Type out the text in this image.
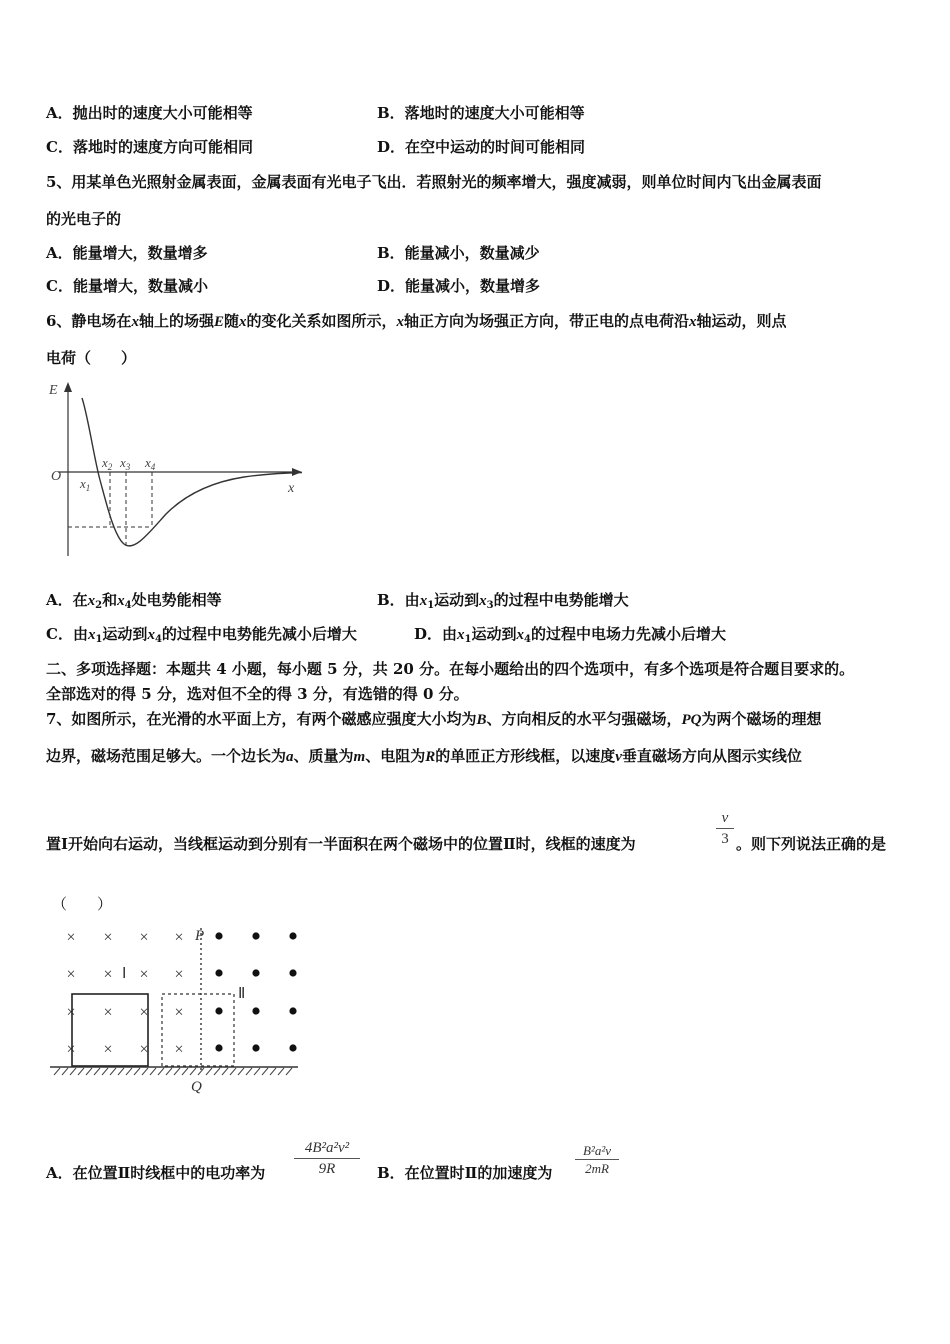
A．抛出时的速度大小可能相等	B．落地时的速度大小可能相等
C．落地时的速度方向可能相同	D．在空中运动的时间可能相同
5、用某单色光照射金属表面，金属表面有光电子飞出．若照射光的频率增大，强度减弱，则单位时间内飞出金属表面
的光电子的
A．能量增大，数量增多	B．能量减小，数量减少
C．能量增大，数量减小	D．能量减小，数量增多
6、静电场在x轴上的场强E随x的变化关系如图所示，x轴正方向为场强正方向，带正电的点电荷沿x轴运动，则点
电荷（　　）
E
O
x
$x_2$ $x_3$ $x_4$
$x_1$
A．在$x_2$和$x_4$处电势能相等	B．由$x_1$运动到$x_3$的过程中电势能增大
C．由$x_1$运动到$x_4$的过程中电势能先减小后增大	D．由$x_1$运动到$x_4$的过程中电场力先减小后增大
二、多项选择题：本题共 4 小题，每小题 5 分，共 20 分。在每小题给出的四个选项中，有多个选项是符合题目要求的。
全部选对的得 5 分，选对但不全的得 3 分，有选错的得 0 分。
7、如图所示，在光滑的水平面上方，有两个磁感应强度大小均为B、方向相反的水平匀强磁场，PQ为两个磁场的理想
边界，磁场范围足够大。一个边长为a、质量为m、电阻为R的单匝正方形线框，以速度v垂直磁场方向从图示实线位
置Ⅰ开始向右运动，当线框运动到分别有一半面积在两个磁场中的位置Ⅱ时，线框的速度为
v
3 。则下列说法正确的是
（　　）
× × × ×
× × × ×
× × × ×
× × × ×
P
Q
Ⅰ
Ⅱ
A．在位置Ⅱ时线框中的电功率为
4B²a²v²
9R	B．在位置时Ⅱ的加速度为
B²a²v
2mR
